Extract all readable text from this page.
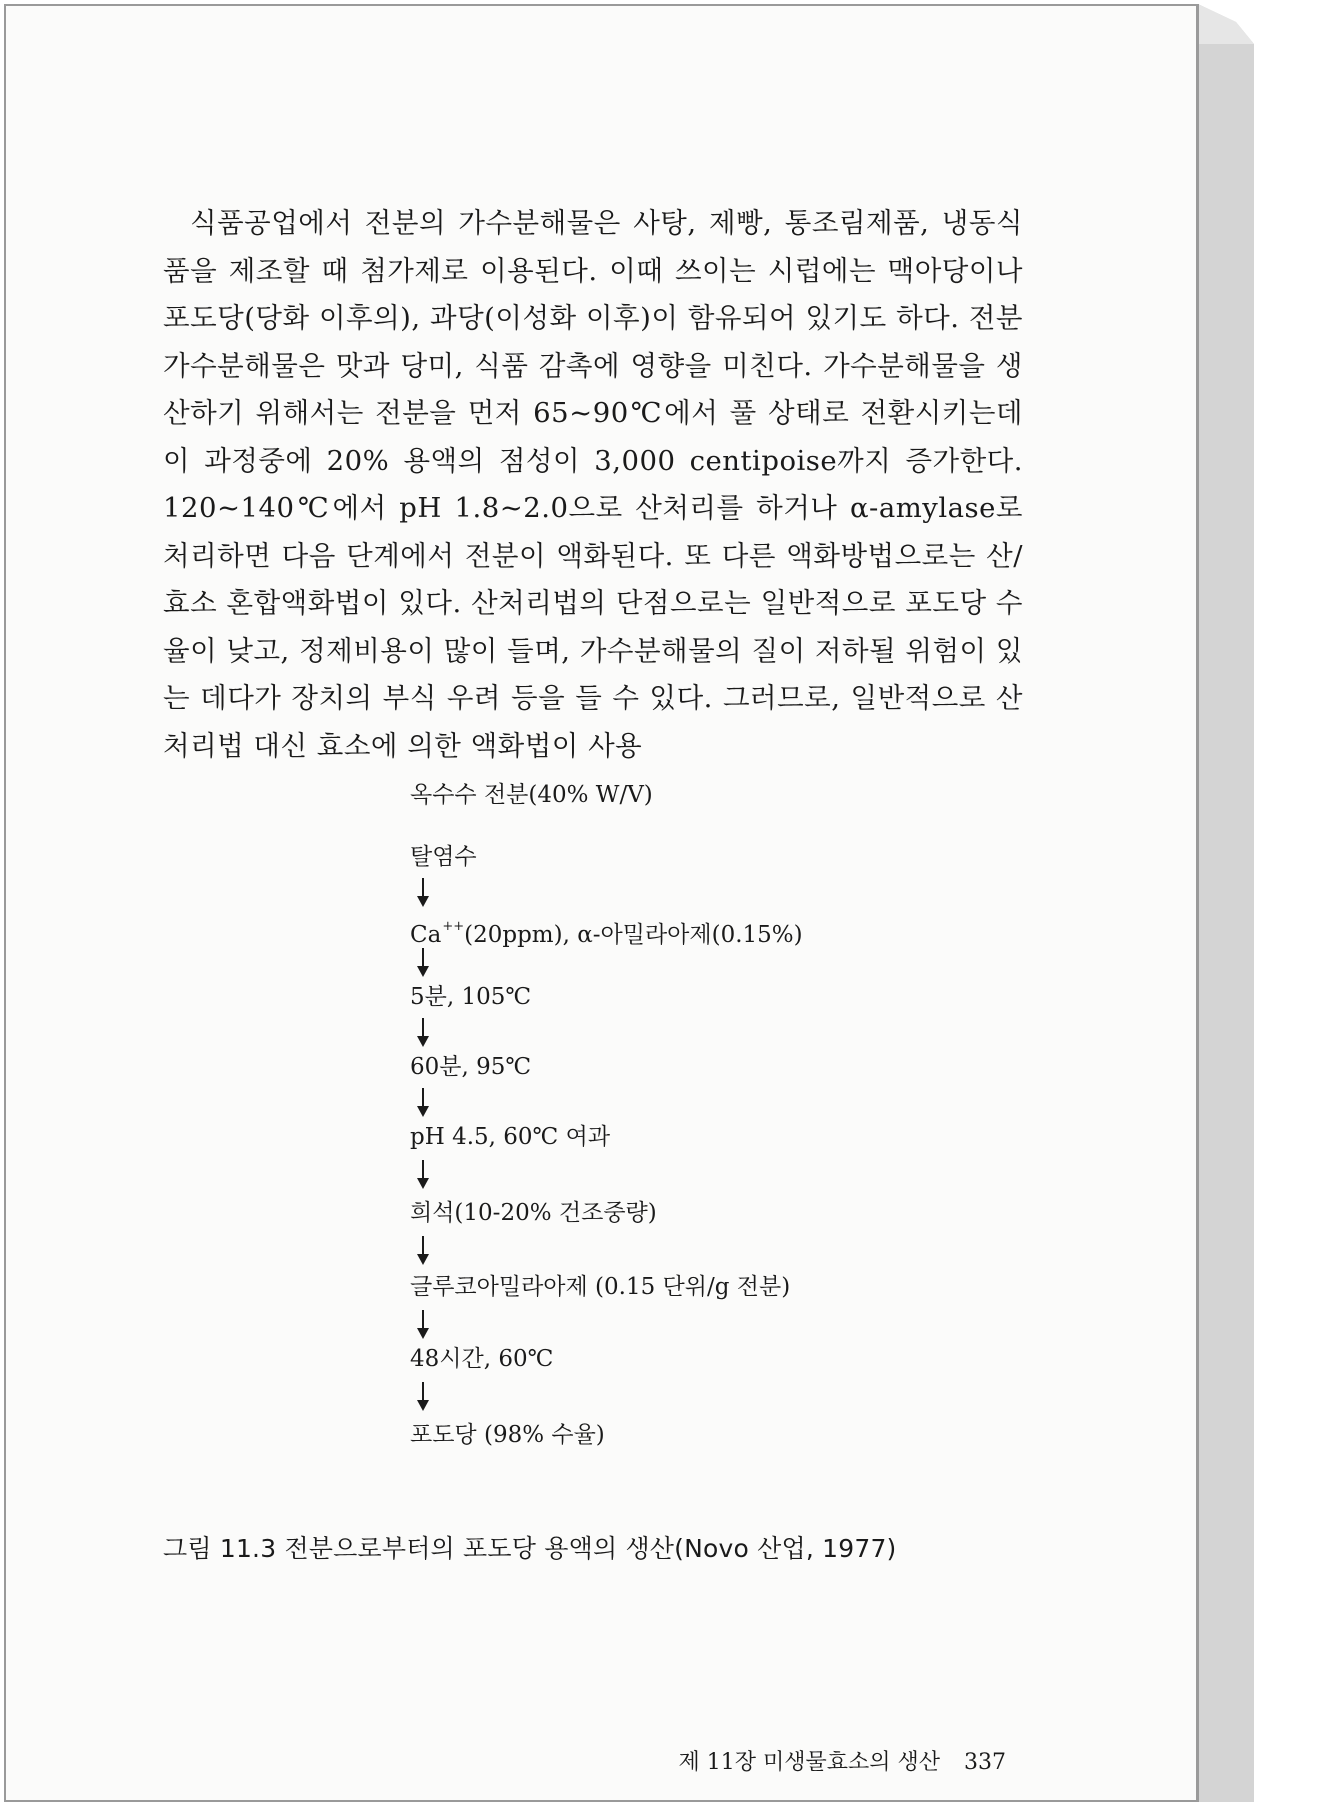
식품공업에서 전분의 가수분해물은 사탕, 제빵, 통조림제품, 냉동식품을 제조할 때 첨가제로 이용된다. 이때 쓰이는 시럽에는 맥아당이나 포도당(당화 이후의), 과당(이성화 이후)이 함유되어 있기도 하다. 전분 가수분해물은 맛과 당미, 식품 감촉에 영향을 미친다. 가수분해물을 생산하기 위해서는 전분을 먼저 65~90℃에서 풀 상태로 전환시키는데 이 과정중에 20% 용액의 점성이 3,000 centipoise까지 증가한다. 120~140℃에서 pH 1.8~2.0으로 산처리를 하거나 α-amylase로 처리하면 다음 단계에서 전분이 액화된다. 또 다른 액화방법으로는 산/효소 혼합액화법이 있다. 산처리법의 단점으로는 일반적으로 포도당 수율이 낮고, 정제비용이 많이 들며, 가수분해물의 질이 저하될 위험이 있는 데다가 장치의 부식 우려 등을 들 수 있다. 그러므로, 일반적으로 산처리법 대신 효소에 의한 액화법이 사용

옥수수 전분(40% W/V)
탈염수
Ca++(20ppm), α-아밀라아제(0.15%)
5분, 105℃
60분, 95℃
pH 4.5, 60℃ 여과
희석(10-20% 건조중량)
글루코아밀라아제 (0.15 단위/g 전분)
48시간, 60℃
포도당 (98% 수율)

그림 11.3 전분으로부터의 포도당 용액의 생산(Novo 산업, 1977)

제 11장 미생물효소의 생산 337
